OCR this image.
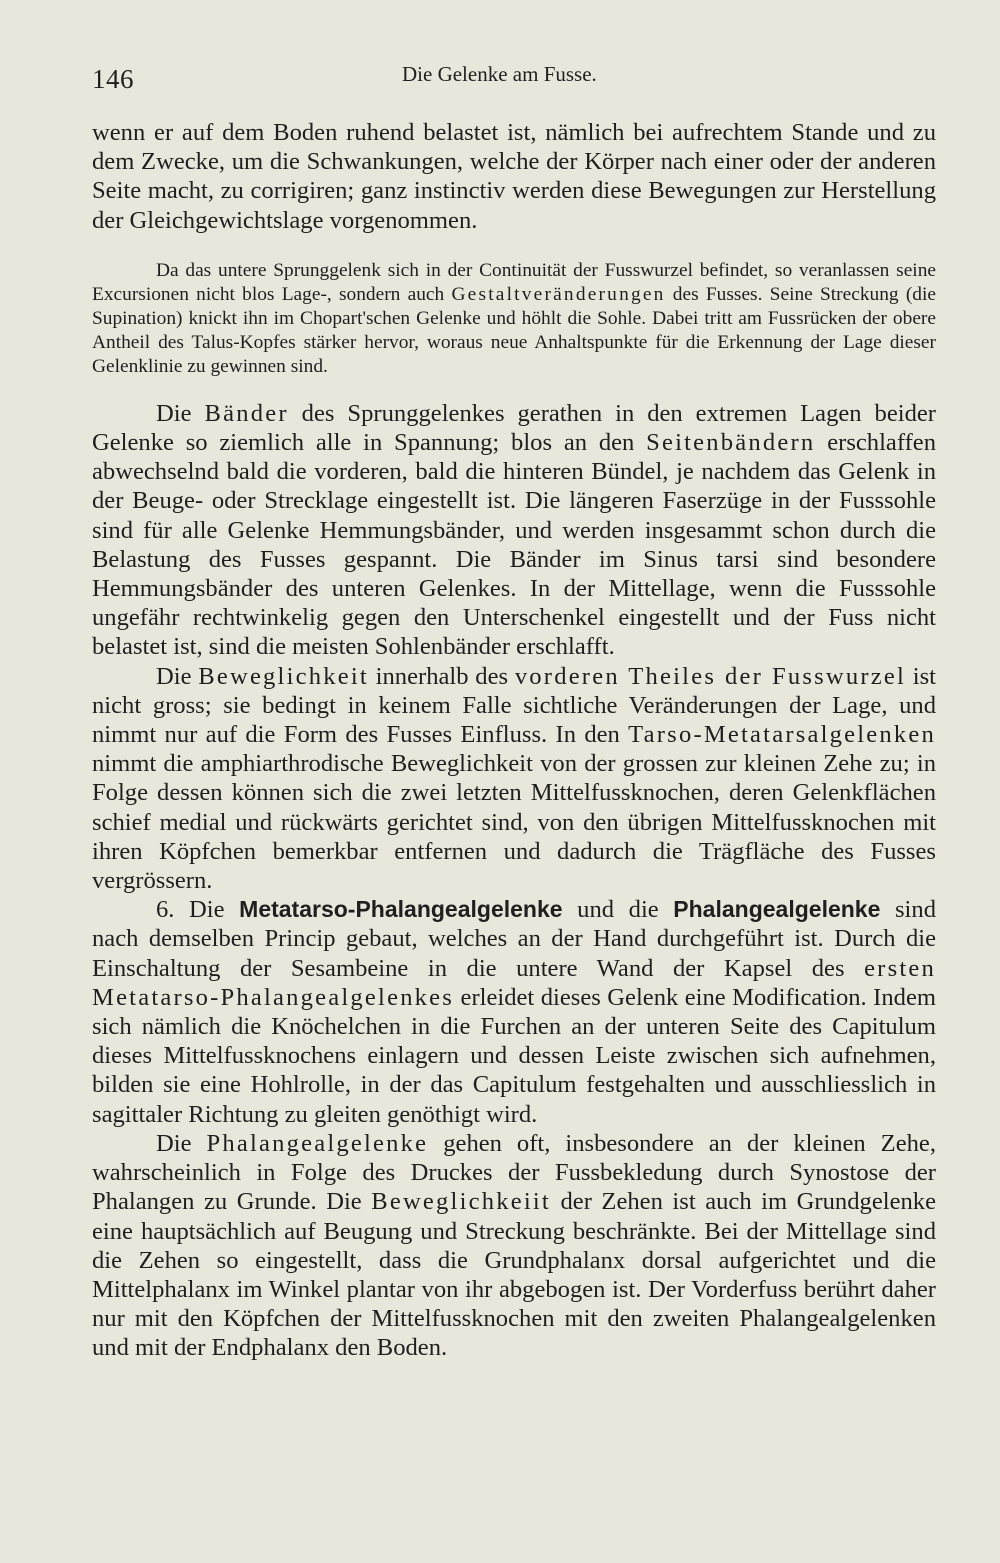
146	Die Gelenke am Fusse.

wenn er auf dem Boden ruhend belastet ist, nämlich bei aufrechtem Stande und zu dem Zwecke, um die Schwankungen, welche der Körper nach einer oder der anderen Seite macht, zu corrigiren; ganz instinctiv werden diese Bewegungen zur Herstellung der Gleichgewichtslage vorgenommen.

Da das untere Sprunggelenk sich in der Continuität der Fusswurzel befindet, so veranlassen seine Excursionen nicht blos Lage-, sondern auch Gestaltveränderungen des Fusses. Seine Streckung (die Supination) knickt ihn im Chopart'schen Gelenke und höhlt die Sohle. Dabei tritt am Fussrücken der obere Antheil des Talus-Kopfes stärker hervor, woraus neue Anhaltspunkte für die Erkennung der Lage dieser Gelenklinie zu gewinnen sind.

Die Bänder des Sprunggelenkes gerathen in den extremen Lagen beider Gelenke so ziemlich alle in Spannung; blos an den Seitenbändern erschlaffen abwechselnd bald die vorderen, bald die hinteren Bündel, je nachdem das Gelenk in der Beuge- oder Strecklage eingestellt ist. Die längeren Faserzüge in der Fusssohle sind für alle Gelenke Hemmungsbänder, und werden insgesammt schon durch die Belastung des Fusses gespannt. Die Bänder im Sinus tarsi sind besondere Hemmungsbänder des unteren Gelenkes. In der Mittellage, wenn die Fusssohle ungefähr rechtwinkelig gegen den Unterschenkel eingestellt und der Fuss nicht belastet ist, sind die meisten Sohlenbänder erschlafft.

Die Beweglichkeit innerhalb des vorderen Theiles der Fusswurzel ist nicht gross; sie bedingt in keinem Falle sichtliche Veränderungen der Lage, und nimmt nur auf die Form des Fusses Einfluss. In den Tarso-Metatarsalgelenken nimmt die amphiarthrodische Beweglichkeit von der grossen zur kleinen Zehe zu; in Folge dessen können sich die zwei letzten Mittelfussknochen, deren Gelenkflächen schief medial und rückwärts gerichtet sind, von den übrigen Mittelfussknochen mit ihren Köpfchen bemerkbar entfernen und dadurch die Trägfläche des Fusses vergrössern.

6. Die Metatarso-Phalangealgelenke und die Phalangealgelenke sind nach demselben Princip gebaut, welches an der Hand durchgeführt ist. Durch die Einschaltung der Sesambeine in die untere Wand der Kapsel des ersten Metatarso-Phalangealgelenkes erleidet dieses Gelenk eine Modification. Indem sich nämlich die Knöchelchen in die Furchen an der unteren Seite des Capitulum dieses Mittelfussknochens einlagern und dessen Leiste zwischen sich aufnehmen, bilden sie eine Hohlrolle, in der das Capitulum festgehalten und ausschliesslich in sagittaler Richtung zu gleiten genöthigt wird.

Die Phalangealgelenke gehen oft, insbesondere an der kleinen Zehe, wahrscheinlich in Folge des Druckes der Fussbekledung durch Synostose der Phalangen zu Grunde. Die Beweglichkeiit der Zehen ist auch im Grundgelenke eine hauptsächlich auf Beugung und Streckung beschränkte. Bei der Mittellage sind die Zehen so eingestellt, dass die Grundphalanx dorsal aufgerichtet und die Mittelphalanx im Winkel plantar von ihr abgebogen ist. Der Vorderfuss berührt daher nur mit den Köpfchen der Mittelfussknochen mit den zweiten Phalangealgelenken und mit der Endphalanx den Boden.
